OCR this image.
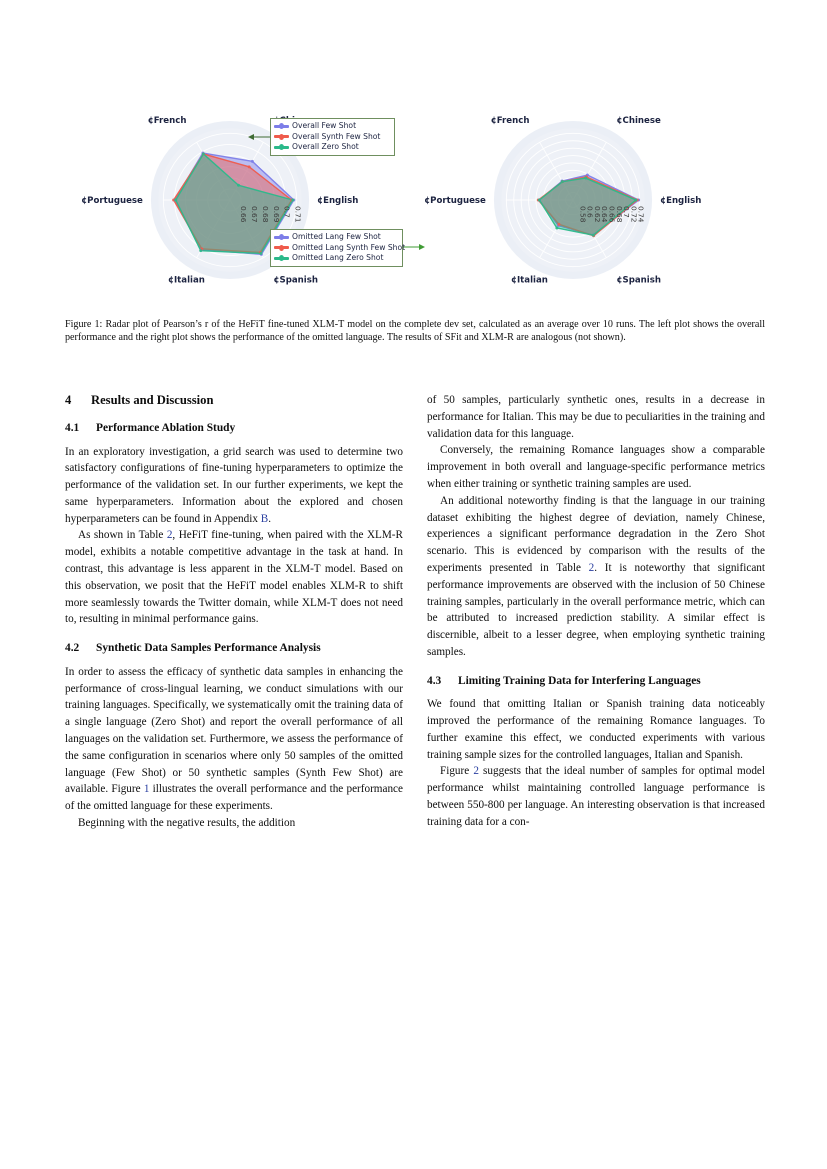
0.66 0.67 0.68 0.69 0.7 0.71
¢English
¢Spanish
¢Italian
¢Portuguese
¢French
0.58
0.6
0.62
0.64
0.66
0.68
0.7
0.72
0.74
¢English
¢Spanish
¢Italian
¢Portuguese
¢French	¢Chinese
Overall Few Shot
Overall Synth Few Shot
Overall Zero Shot
Omitted Lang Few Shot
Omitted Lang Synth Few Shot
Omitted Lang Zero Shot
Figure 1: Radar plot of Pearson’s r of the HeFiT fine-tuned XLM-T model on the complete dev set, calculated as an average over 10 runs. The left plot shows the overall performance and the right plot shows the performance of the omitted language. The results of SFit and XLM-R are analogous (not shown).
4 Results and Discussion
4.1 Performance Ablation Study

In an exploratory investigation, a grid search was used to determine two satisfactory configurations of fine-tuning hyperparameters to optimize the performance of the validation set. In our further experiments, we kept the same hyperparameters. Information about the explored and chosen hyperparameters can be found in Appendix B.

As shown in Table 2, HeFiT fine-tuning, when paired with the XLM-R model, exhibits a notable competitive advantage in the task at hand. In contrast, this advantage is less apparent in the XLM-T model. Based on this observation, we posit that the HeFiT model enables XLM-R to shift more seamlessly towards the Twitter domain, while XLM-T does not need to, resulting in minimal performance gains.

4.2 Synthetic Data Samples Performance Analysis

In order to assess the efficacy of synthetic data samples in enhancing the performance of cross-lingual learning, we conduct simulations with our training languages. Specifically, we systematically omit the training data of a single language (Zero Shot) and report the overall performance of all languages on the validation set. Furthermore, we assess the performance of the same configuration in scenarios where only 50 samples of the omitted language (Few Shot) or 50 synthetic samples (Synth Few Shot) are available. Figure 1 illustrates the overall performance and the performance of the omitted language for these experiments.

Beginning with the negative results, the addition

of 50 samples, particularly synthetic ones, results in a decrease in performance for Italian. This may be due to peculiarities in the training and validation data for this language.

Conversely, the remaining Romance languages show a comparable improvement in both overall and language-specific performance metrics when either training or synthetic training samples are used.

An additional noteworthy finding is that the language in our training dataset exhibiting the highest degree of deviation, namely Chinese, experiences a significant performance degradation in the Zero Shot scenario. This is evidenced by comparison with the results of the experiments presented in Table 2. It is noteworthy that significant performance improvements are observed with the inclusion of 50 Chinese training samples, particularly in the overall performance metric, which can be attributed to increased prediction stability. A similar effect is discernible, albeit to a lesser degree, when employing synthetic training samples.

4.3 Limiting Training Data for Interfering Languages

We found that omitting Italian or Spanish training data noticeably improved the performance of the remaining Romance languages. To further examine this effect, we conducted experiments with various training sample sizes for the controlled languages, Italian and Spanish.

Figure 2 suggests that the ideal number of samples for optimal model performance whilst maintaining controlled language performance is between 550-800 per language. An interesting observation is that increased training data for a con-
